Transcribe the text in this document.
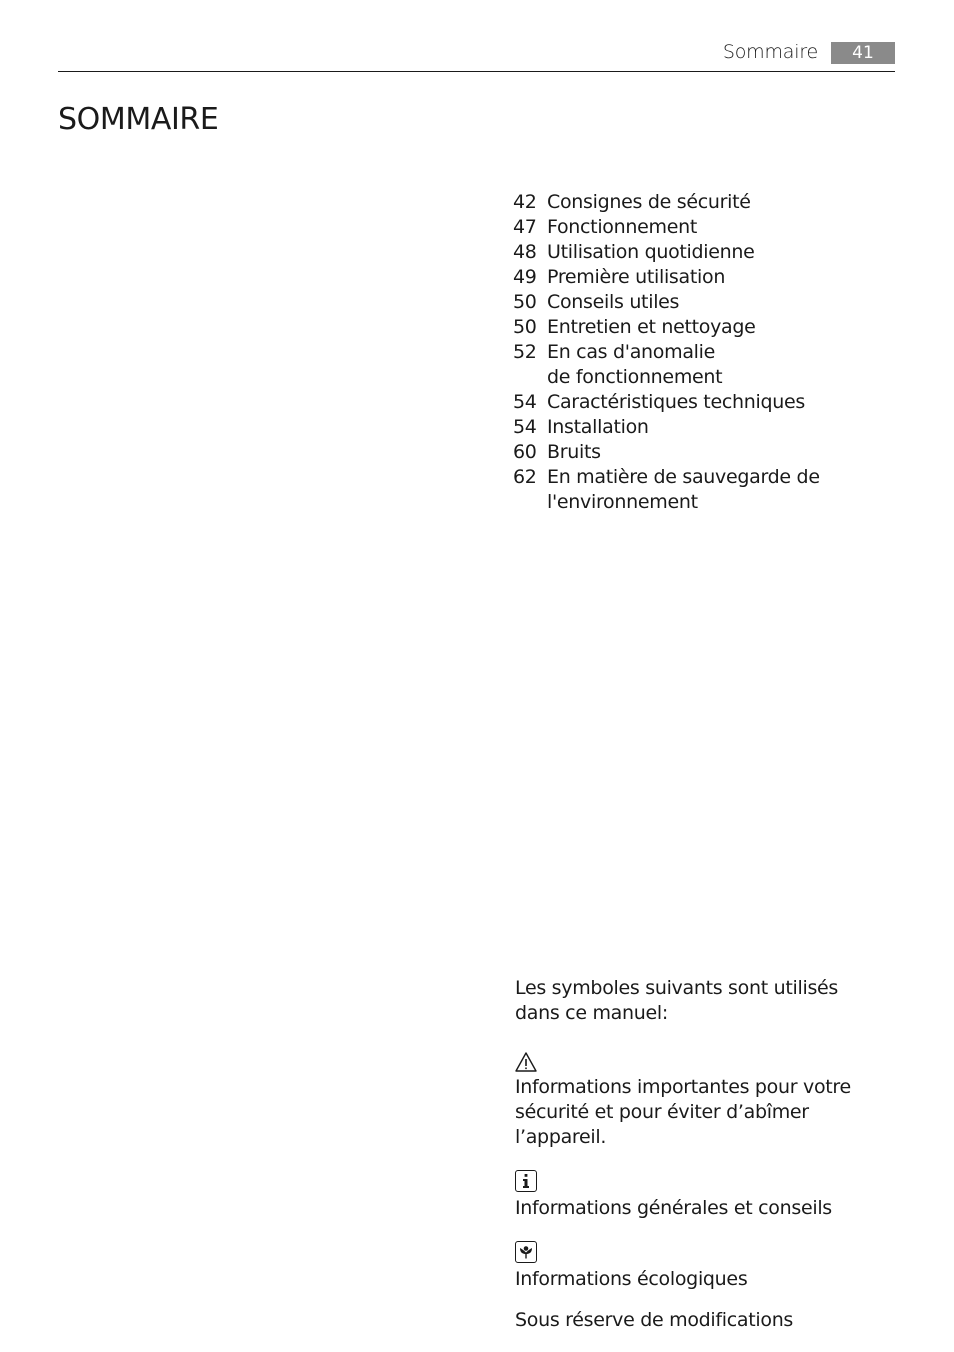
Sommaire	41
SOMMAIRE
42 Consignes de sécurité
47 Fonctionnement
48 Utilisation quotidienne
49 Première utilisation
50 Conseils utiles
50 Entretien et nettoyage
52 En cas d'anomalie de fonctionnement
54 Caractéristiques techniques
54 Installation
60 Bruits
62 En matière de sauvegarde de l'environnement

Les symboles suivants sont utilisés dans ce manuel:

Informations importantes pour votre sécurité et pour éviter d’abîmer l’appareil.

Informations générales et conseils

Informations écologiques

Sous réserve de modifications
